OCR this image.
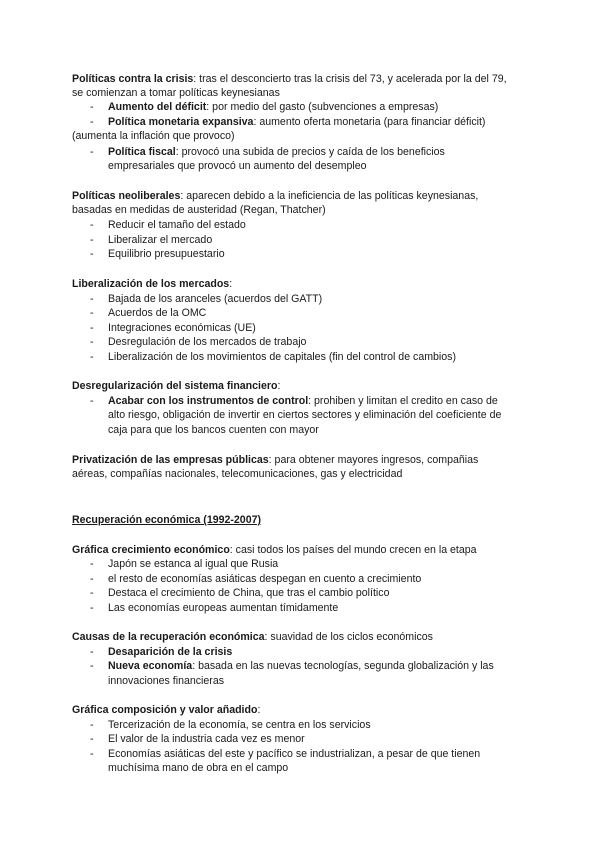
Políticas contra la crisis: tras el desconcierto tras la crisis del 73, y acelerada por la del 79,
se comienzan a tomar políticas keynesianas
- Aumento del déficit: por medio del gasto (subvenciones a empresas)
- Política monetaria expansiva: aumento oferta monetaria (para financiar déficit)
(aumenta la inflación que provoco)
- Política fiscal: provocó una subida de precios y caída de los beneficios
empresariales que provocó un aumento del desempleo
Políticas neoliberales: aparecen debido a la ineficiencia de las políticas keynesianas,
basadas en medidas de austeridad (Regan, Thatcher)
- Reducir el tamaño del estado
- Liberalizar el mercado
- Equilibrio presupuestario
Liberalización de los mercados:
- Bajada de los aranceles (acuerdos del GATT)
- Acuerdos de la OMC
- Integraciones económicas (UE)
- Desregulación de los mercados de trabajo
- Liberalización de los movimientos de capitales (fin del control de cambios)
Desregularización del sistema financiero:
- Acabar con los instrumentos de control: prohiben y limitan el credito en caso de
alto riesgo, obligación de invertir en ciertos sectores y eliminación del coeficiente de
caja para que los bancos cuenten con mayor
Privatización de las empresas públicas: para obtener mayores ingresos, compañias
aéreas, compañías nacionales, telecomunicaciones, gas y electricidad
Recuperación económica (1992-2007)
Gráfica crecimiento económico: casi todos los países del mundo crecen en la etapa
- Japón se estanca al igual que Rusia
- el resto de economías asiáticas despegan en cuento a crecimiento
- Destaca el crecimiento de China, que tras el cambio político
- Las economías europeas aumentan tímidamente
Causas de la recuperación económica: suavidad de los ciclos económicos
- Desaparición de la crisis
- Nueva economía: basada en las nuevas tecnologías, segunda globalización y las
innovaciones financieras
Gráfica composición y valor añadido:
- Tercerización de la economía, se centra en los servicios
- El valor de la industria cada vez es menor
- Economías asiáticas del este y pacífico se industrializan, a pesar de que tienen
muchísima mano de obra en el campo
